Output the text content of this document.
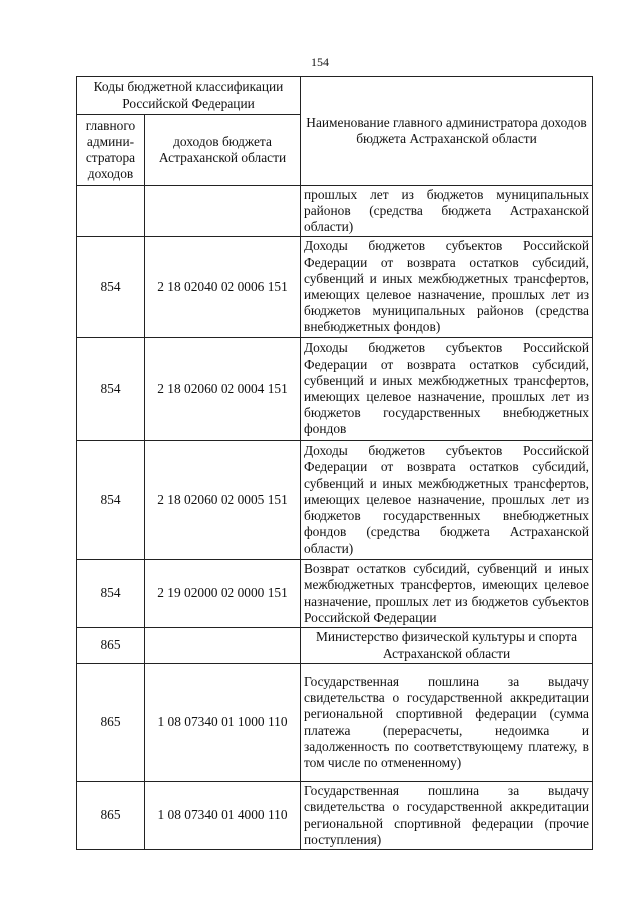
154
Коды бюджетной классификации Российской Федерации		Наименование главного администратора доходов бюджета Астраханской области
главного админи-стратора доходов	доходов бюджета Астраханской области	
		прошлых лет из бюджетов муниципальных районов (средства бюджета Астраханской области)
854	2 18 02040 02 0006 151	Доходы бюджетов субъектов Российской Федерации от возврата остатков субсидий, субвенций и иных межбюджетных трансфертов, имеющих целевое назначение, прошлых лет из бюджетов муниципальных районов (средства внебюджетных фондов)
854	2 18 02060 02 0004 151	Доходы бюджетов субъектов Российской Федерации от возврата остатков субсидий, субвенций и иных межбюджетных трансфертов, имеющих целевое назначение, прошлых лет из бюджетов государственных внебюджетных фондов
854	2 18 02060 02 0005 151	Доходы бюджетов субъектов Российской Федерации от возврата остатков субсидий, субвенций и иных межбюджетных трансфертов, имеющих целевое назначение, прошлых лет из бюджетов государственных внебюджетных фондов (средства бюджета Астраханской области)
854	2 19 02000 02 0000 151	Возврат остатков субсидий, субвенций и иных межбюджетных трансфертов, имеющих целевое назначение, прошлых лет из бюджетов субъектов Российской Федерации
865		Министерство физической культуры и спорта Астраханской области
865	1 08 07340 01 1000 110	Государственная пошлина за выдачу свидетельства о государственной аккредитации региональной спортивной федерации (сумма платежа (перерасчеты, недоимка и задолженность по соответствующему платежу, в том числе по отмененному)
865	1 08 07340 01 4000 110	Государственная пошлина за выдачу свидетельства о государственной аккредитации региональной спортивной федерации (прочие поступления)
